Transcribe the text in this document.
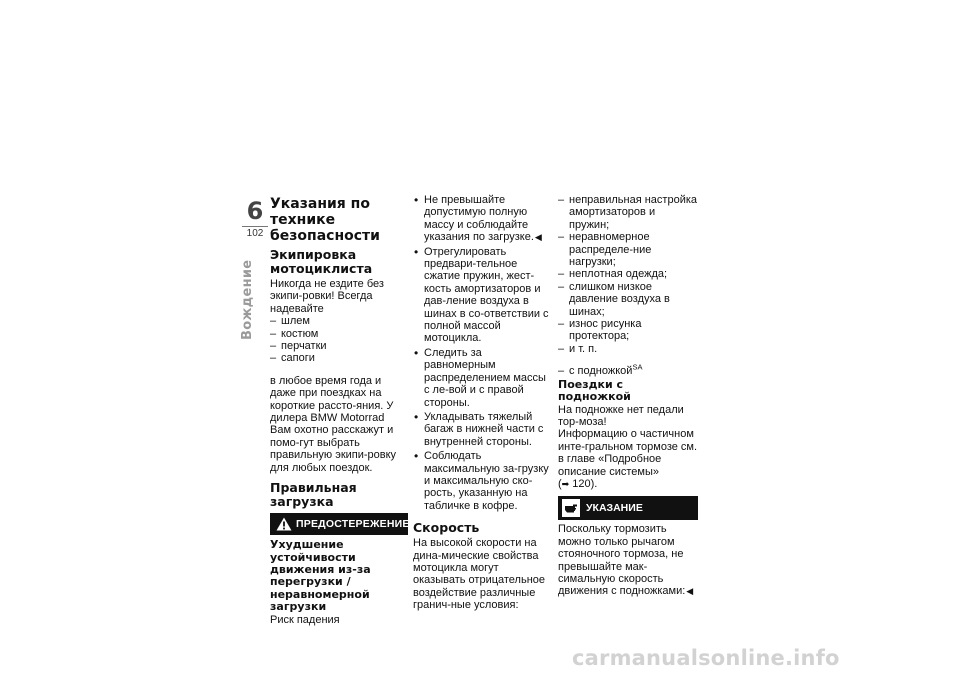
6
102
Вождение
Указания по технике безопасности
Экипировка мотоциклиста

Никогда не ездите без экипи-ровки! Всегда надевайте

– шлем
– костюм
– перчатки
– сапоги

в любое время года и даже при поездках на короткие рассто-яния. У дилера BMW Motorrad Вам охотно расскажут и помо-гут выбрать правильную экипи-ровку для любых поездок.

Правильная загрузка
ПРЕДОСТЕРЕЖЕНИЕ
Ухудшение устойчивости движения из-за перегрузки / неравномерной загрузки

Риск падения

• Не превышайте допустимую полную массу и соблюдайте указания по загрузке.◀
• Отрегулировать предвари-тельное сжатие пружин, жест-кость амортизаторов и дав-ление воздуха в шинах в со-ответствии с полной массой мотоцикла.
• Следить за равномерным распределением массы с ле-вой и с правой стороны.
• Укладывать тяжелый багаж в нижней части с внутренней стороны.
• Соблюдать максимальную за-грузку и максимальную ско-рость, указанную на табличке в кофре.
Скорость

На высокой скорости на дина-мические свойства мотоцикла могут оказывать отрицательное воздействие различные гранич-ные условия:

– неправильная настройка амортизаторов и пружин;
– неравномерное распределе-ние нагрузки;
– неплотная одежда;
– слишком низкое давление воздуха в шинах;
– износ рисунка протектора;
– и т. п.
– с подножкой$^{SA}$
Поездки с подножкой

На подножке нет педали тор-моза!

Информацию о частичном инте-гральном тормозе см. в главе «Подробное описание системы»

(➡ 120).

УКАЗАНИЕ

Поскольку тормозить можно только рычагом стояночного тормоза, не превышайте мак-симальную скорость движения с подножками:◀

carmanualsonline.info
